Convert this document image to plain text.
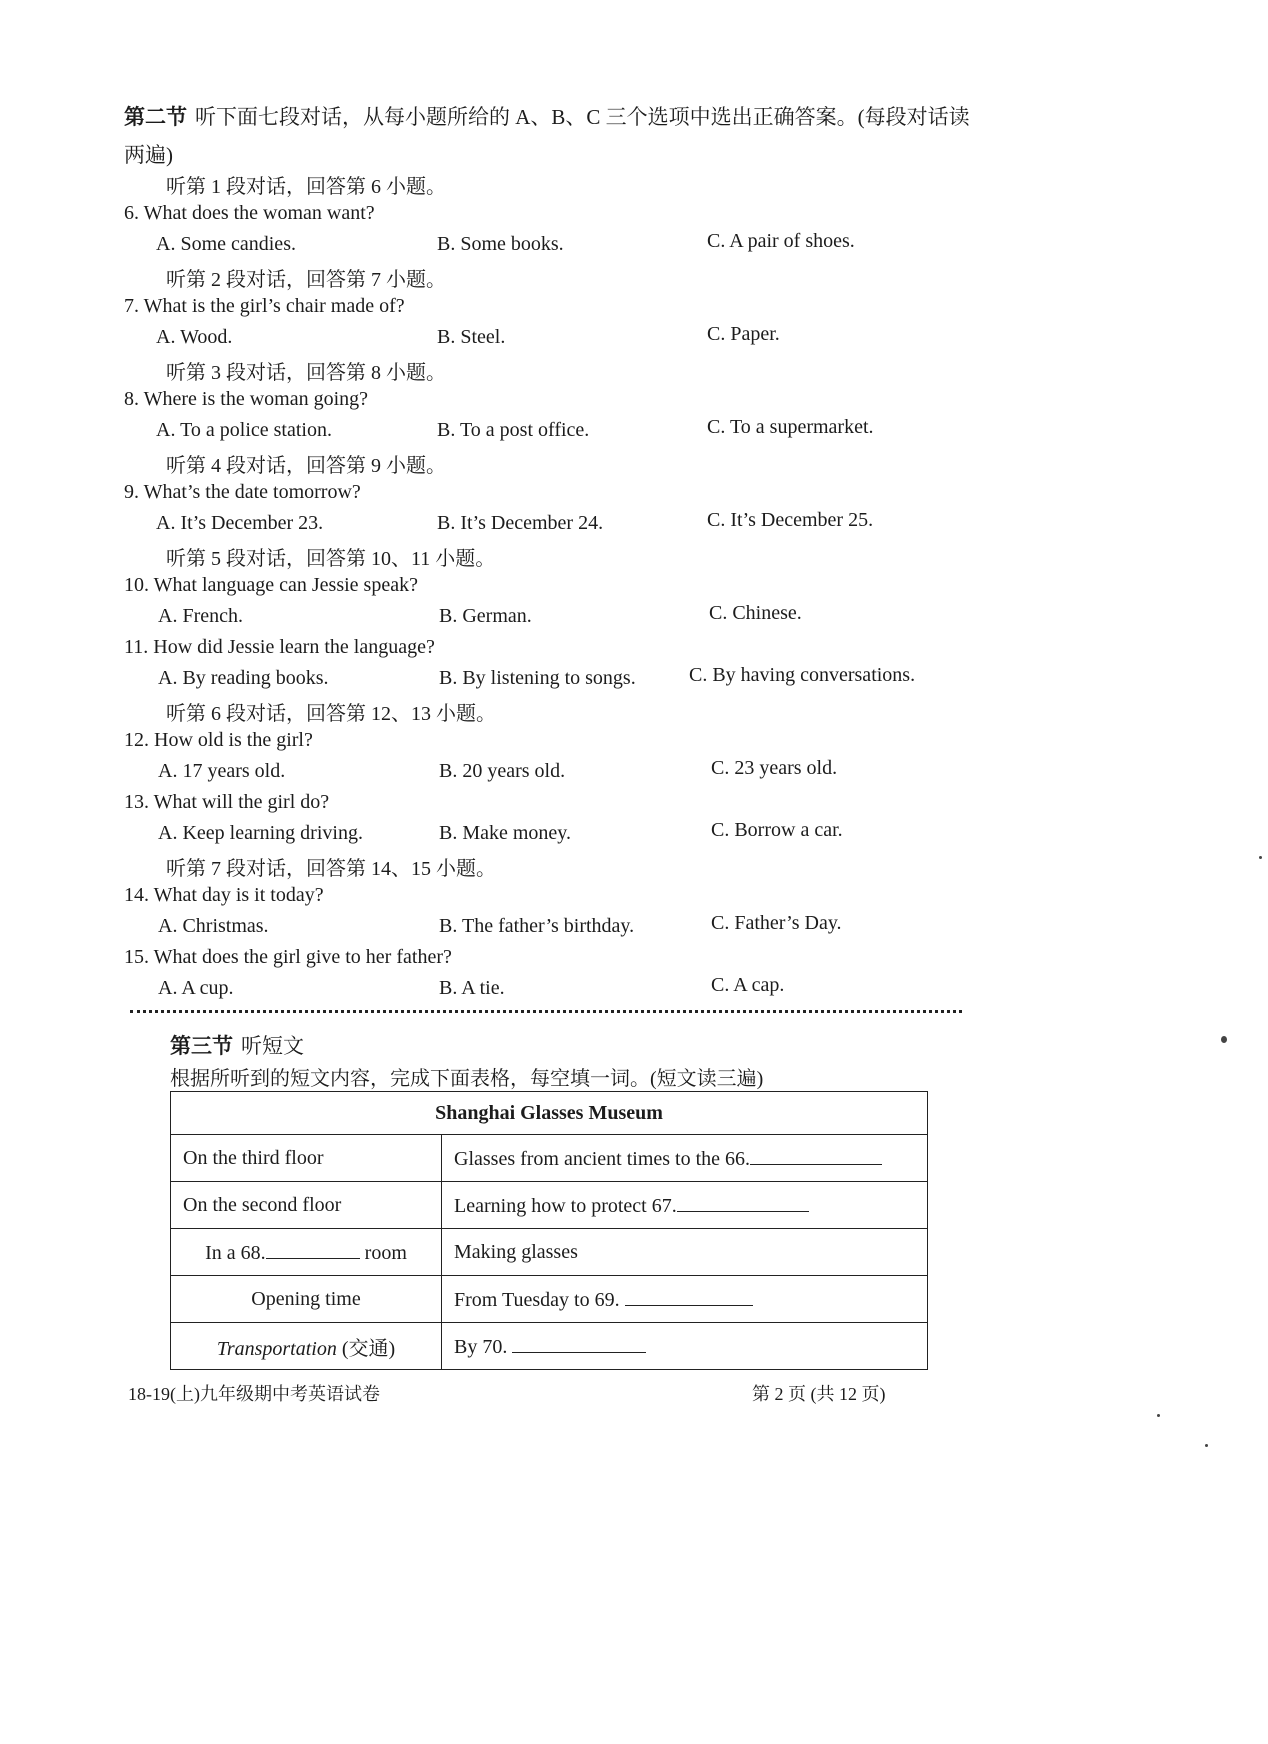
第二节 听下面七段对话，从每小题所给的 A、B、C 三个选项中选出正确答案。(每段对话读两遍)
听第 1 段对话，回答第 6 小题。
6. What does the woman want?
A. Some candies.	B. Some books.	C. A pair of shoes.
听第 2 段对话，回答第 7 小题。
7. What is the girl’s chair made of?
A. Wood.	B. Steel.	C. Paper.
听第 3 段对话，回答第 8 小题。
8. Where is the woman going?
A. To a police station.	B. To a post office.	C. To a supermarket.
听第 4 段对话，回答第 9 小题。
9. What’s the date tomorrow?
A. It’s December 23.	B. It’s December 24.	C. It’s December 25.
听第 5 段对话，回答第 10、11 小题。
10. What language can Jessie speak?
A. French.	B. German.	C. Chinese.
11. How did Jessie learn the language?
A. By reading books.	B. By listening to songs.	C. By having conversations.
听第 6 段对话，回答第 12、13 小题。
12. How old is the girl?
A. 17 years old.	B. 20 years old.	C. 23 years old.
13. What will the girl do?
A. Keep learning driving.	B. Make money.	C. Borrow a car.
听第 7 段对话，回答第 14、15 小题。
14. What day is it today?
A. Christmas.	B. The father’s birthday.	C. Father’s Day.
15. What does the girl give to her father?
A. A cup.	B. A tie.	C. A cap.
第三节 听短文
根据所听到的短文内容，完成下面表格，每空填一词。(短文读三遍)
Shanghai Glasses Museum	
On the third floor	Glasses from ancient times to the 66.
On the second floor	Learning how to protect 67.
In a 68. room	Making glasses
Opening time	From Tuesday to 69.
Transportation (交通)	By 70.
18-19(上)九年级期中考英语试卷	第 2 页 (共 12 页)
